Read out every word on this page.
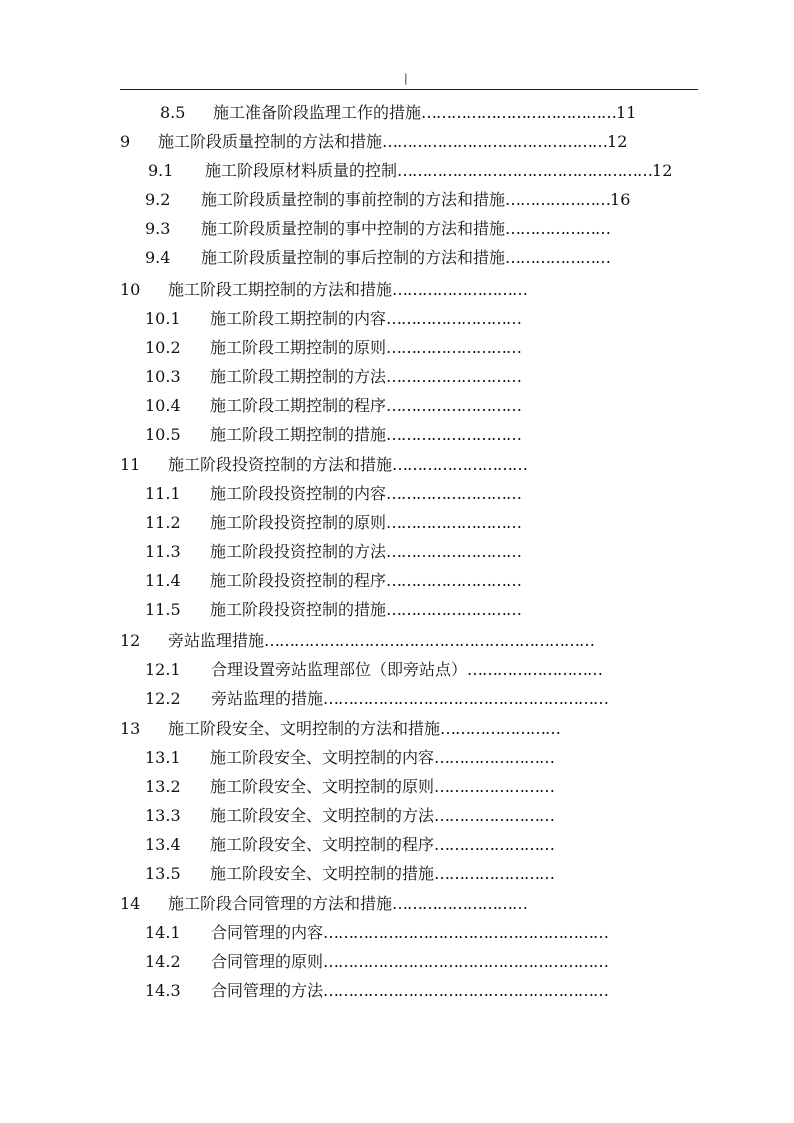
|
8.5 施工准备阶段监理工作的措施…………………………………11
9 施工阶段质量控制的方法和措施………………………………………12
9.1 施工阶段原材料质量的控制……………………………………………12
9.2 施工阶段质量控制的事前控制的方法和措施…………………16
9.3 施工阶段质量控制的事中控制的方法和措施…………………
9.4 施工阶段质量控制的事后控制的方法和措施…………………
10 施工阶段工期控制的方法和措施………………………
10.1 施工阶段工期控制的内容………………………
10.2 施工阶段工期控制的原则………………………
10.3 施工阶段工期控制的方法………………………
10.4 施工阶段工期控制的程序………………………
10.5 施工阶段工期控制的措施………………………
11 施工阶段投资控制的方法和措施………………………
11.1 施工阶段投资控制的内容………………………
11.2 施工阶段投资控制的原则………………………
11.3 施工阶段投资控制的方法………………………
11.4 施工阶段投资控制的程序………………………
11.5 施工阶段投资控制的措施………………………
12 旁站监理措施…………………………………………………………
12.1 合理设置旁站监理部位（即旁站点）………………………
12.2 旁站监理的措施…………………………………………………
13 施工阶段安全、文明控制的方法和措施……………………
13.1 施工阶段安全、文明控制的内容……………………
13.2 施工阶段安全、文明控制的原则……………………
13.3 施工阶段安全、文明控制的方法……………………
13.4 施工阶段安全、文明控制的程序……………………
13.5 施工阶段安全、文明控制的措施……………………
14 施工阶段合同管理的方法和措施………………………
14.1 合同管理的内容…………………………………………………
14.2 合同管理的原则…………………………………………………
14.3 合同管理的方法…………………………………………………
